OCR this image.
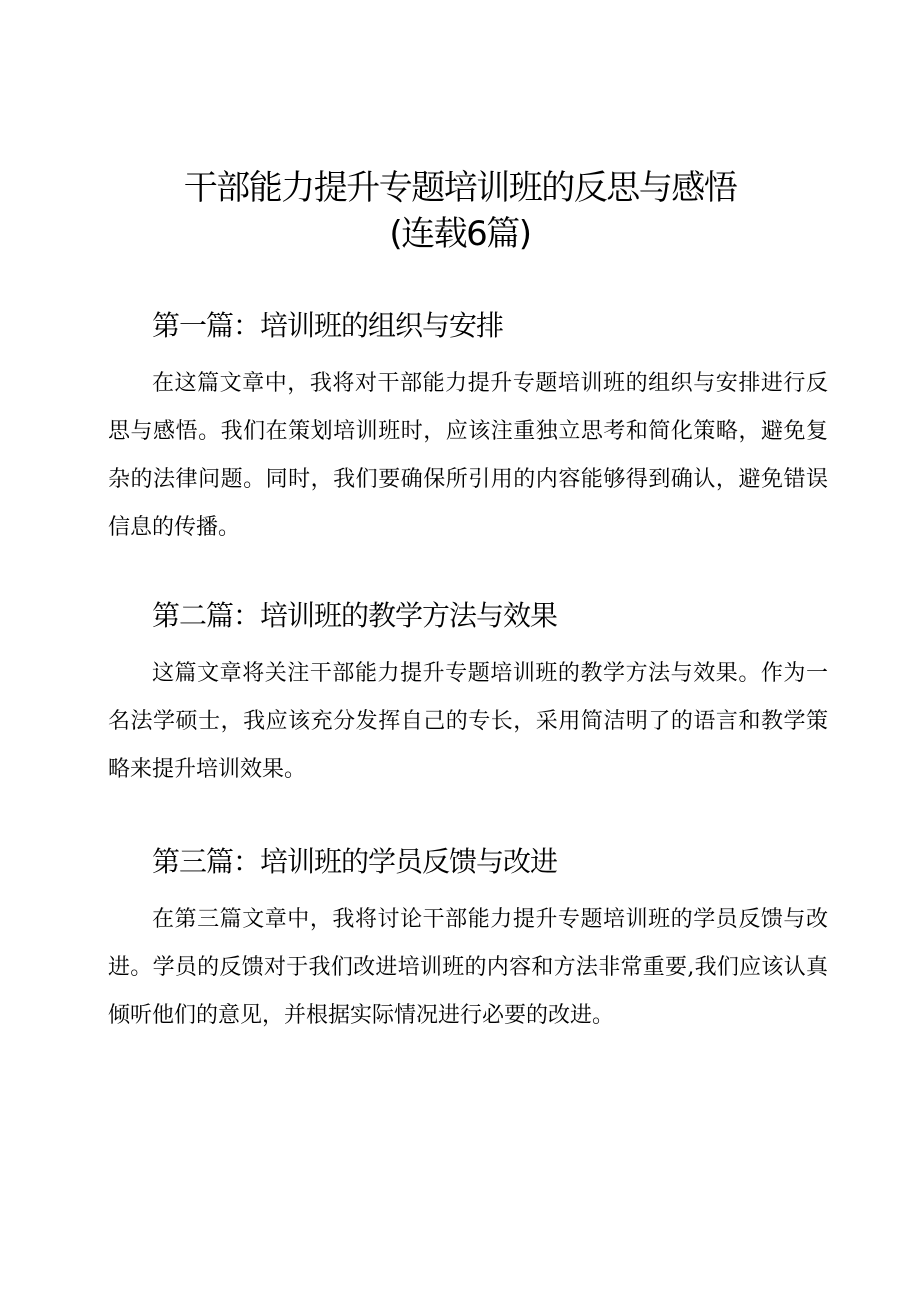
干部能力提升专题培训班的反思与感悟
(连载6篇)
第一篇：培训班的组织与安排

在这篇文章中，我将对干部能力提升专题培训班的组织与安排进行反思与感悟。我们在策划培训班时，应该注重独立思考和简化策略，避免复杂的法律问题。同时，我们要确保所引用的内容能够得到确认，避免错误信息的传播。

第二篇：培训班的教学方法与效果

这篇文章将关注干部能力提升专题培训班的教学方法与效果。作为一名法学硕士，我应该充分发挥自己的专长，采用简洁明了的语言和教学策略来提升培训效果。

第三篇：培训班的学员反馈与改进

在第三篇文章中，我将讨论干部能力提升专题培训班的学员反馈与改进。学员的反馈对于我们改进培训班的内容和方法非常重要,我们应该认真倾听他们的意见，并根据实际情况进行必要的改进。
